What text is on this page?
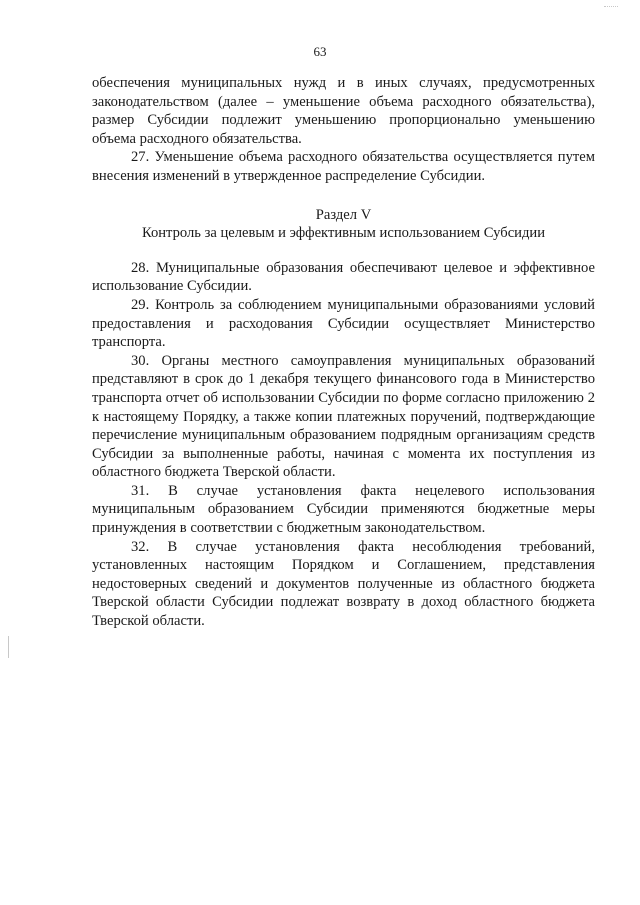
63

обеспечения муниципальных нужд и в иных случаях, предусмотренных законодательством (далее – уменьшение объема расходного обязательства), размер Субсидии подлежит уменьшению пропорционально уменьшению объема расходного обязательства.

27. Уменьшение объема расходного обязательства осуществляется путем внесения изменений в утвержденное распределение Субсидии.

Раздел V

Контроль за целевым и эффективным использованием Субсидии

28. Муниципальные образования обеспечивают целевое и эффективное использование Субсидии.

29. Контроль за соблюдением муниципальными образованиями условий предоставления и расходования Субсидии осуществляет Министерство транспорта.

30. Органы местного самоуправления муниципальных образований представляют в срок до 1 декабря текущего финансового года в Министерство транспорта отчет об использовании Субсидии по форме согласно приложению 2 к настоящему Порядку, а также копии платежных поручений, подтверждающие перечисление муниципальным образованием подрядным организациям средств Субсидии за выполненные работы, начиная с момента их поступления из областного бюджета Тверской области.

31. В случае установления факта нецелевого использования муниципальным образованием Субсидии применяются бюджетные меры принуждения в соответствии с бюджетным законодательством.

32. В случае установления факта несоблюдения требований, установленных настоящим Порядком и Соглашением, представления недостоверных сведений и документов полученные из областного бюджета Тверской области Субсидии подлежат возврату в доход областного бюджета Тверской области.
